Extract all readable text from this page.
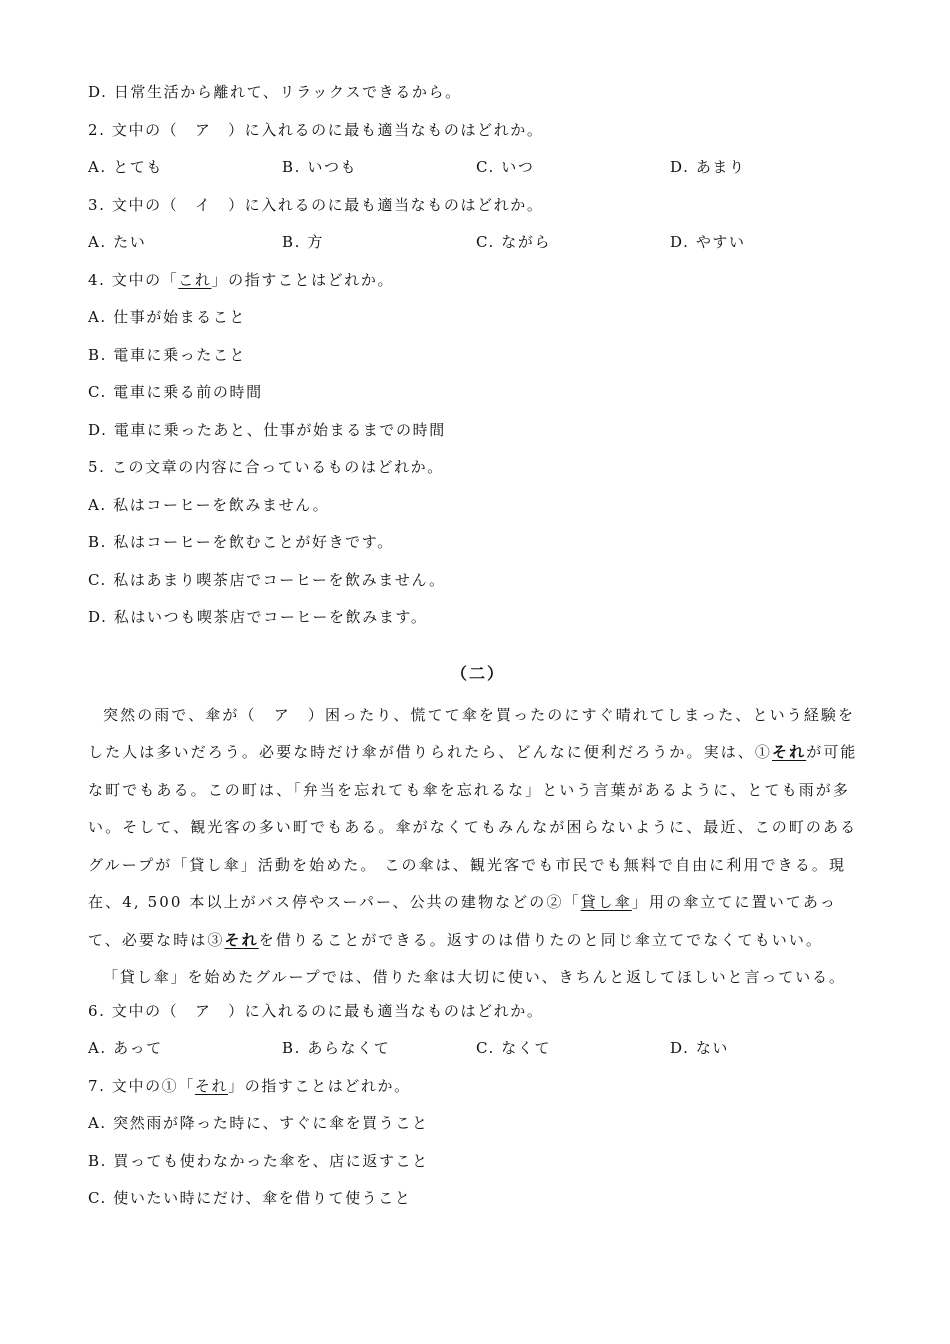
D. 日常生活から離れて、リラックスできるから。
2. 文中の（　ア　）に入れるのに最も適当なものはどれか。
A. とても	B. いつも	C. いつ	D. あまり
3. 文中の（　イ　）に入れるのに最も適当なものはどれか。
A. たい	B. 方	C. ながら	D. やすい
4. 文中の「これ」の指すことはどれか。
A. 仕事が始まること
B. 電車に乗ったこと
C. 電車に乗る前の時間
D. 電車に乗ったあと、仕事が始まるまでの時間
5. この文章の内容に合っているものはどれか。
A. 私はコーヒーを飲みません。
B. 私はコーヒーを飲むことが好きです。
C. 私はあまり喫茶店でコーヒーを飲みません。
D. 私はいつも喫茶店でコーヒーを飲みます。
（二）
突然の雨で、傘が（　ア　）困ったり、慌てて傘を買ったのにすぐ晴れてしまった、という経験をした人は多いだろう。必要な時だけ傘が借りられたら、どんなに便利だろうか。実は、①それが可能な町でもある。この町は、「弁当を忘れても傘を忘れるな」という言葉があるように、とても雨が多い。そして、観光客の多い町でもある。傘がなくてもみんなが困らないように、最近、この町のあるグループが「貸し傘」活動を始めた。 この傘は、観光客でも市民でも無料で自由に利用できる。現在、4, 500 本以上がバス停やスーパー、公共の建物などの②「貸し傘」用の傘立てに置いてあって、必要な時は③それを借りることができる。返すのは借りたのと同じ傘立てでなくてもいい。
「貸し傘」を始めたグループでは、借りた傘は大切に使い、きちんと返してほしいと言っている。
6. 文中の（　ア　）に入れるのに最も適当なものはどれか。
A. あって	B. あらなくて	C. なくて	D. ない
7. 文中の①「それ」の指すことはどれか。
A. 突然雨が降った時に、すぐに傘を買うこと
B. 買っても使わなかった傘を、店に返すこと
C. 使いたい時にだけ、傘を借りて使うこと
